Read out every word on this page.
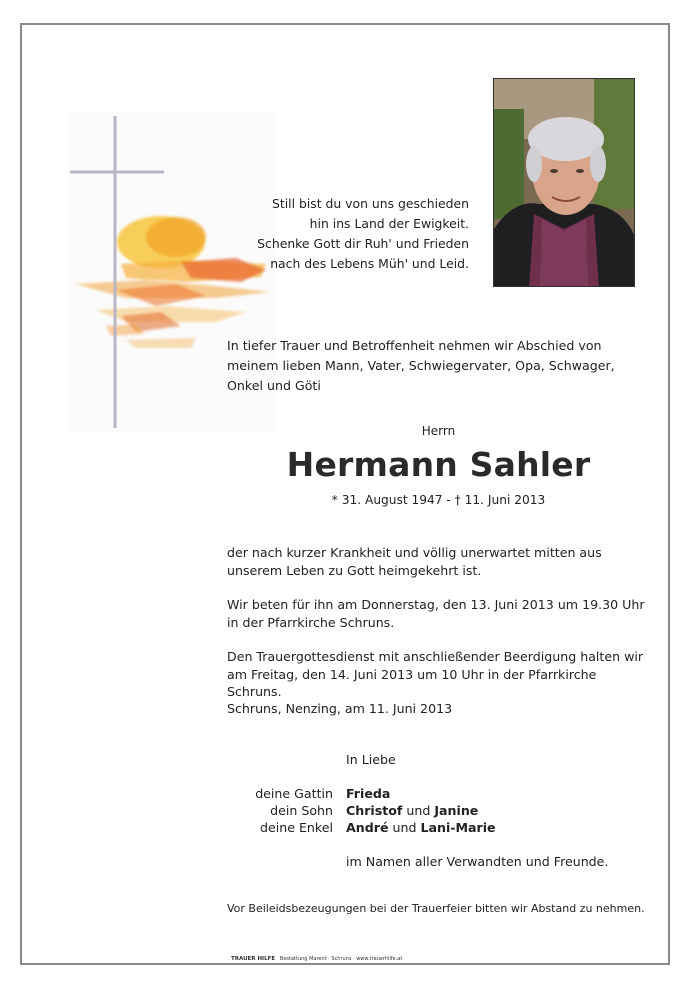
Still bist du von uns geschieden
hin ins Land der Ewigkeit.
Schenke Gott dir Ruh' und Frieden
nach des Lebens Müh' und Leid.
In tiefer Trauer und Betroffenheit nehmen wir Abschied von meinem lieben Mann, Vater, Schwiegervater, Opa, Schwager, Onkel und Göti
Herrn
Hermann Sahler
* 31. August 1947 - † 11. Juni 2013
der nach kurzer Krankheit und völlig unerwartet mitten aus unserem Leben zu Gott heimgekehrt ist.
Wir beten für ihn am Donnerstag, den 13. Juni 2013 um 19.30 Uhr in der Pfarrkirche Schruns.
Den Trauergottesdienst mit anschließender Beerdigung halten wir am Freitag, den 14. Juni 2013 um 10 Uhr in der Pfarrkirche Schruns.
Schruns, Nenzing, am 11. Juni 2013
In Liebe
deine Gattin Frieda
dein Sohn Christof und Janine
deine Enkel André und Lani-Marie
im Namen aller Verwandten und Freunde.
Vor Beileidsbezeugungen bei der Trauerfeier bitten wir Abstand zu nehmen.
TRAUER HILFE Bestattung Marent · Schruns · www.trauerhilfe.at
